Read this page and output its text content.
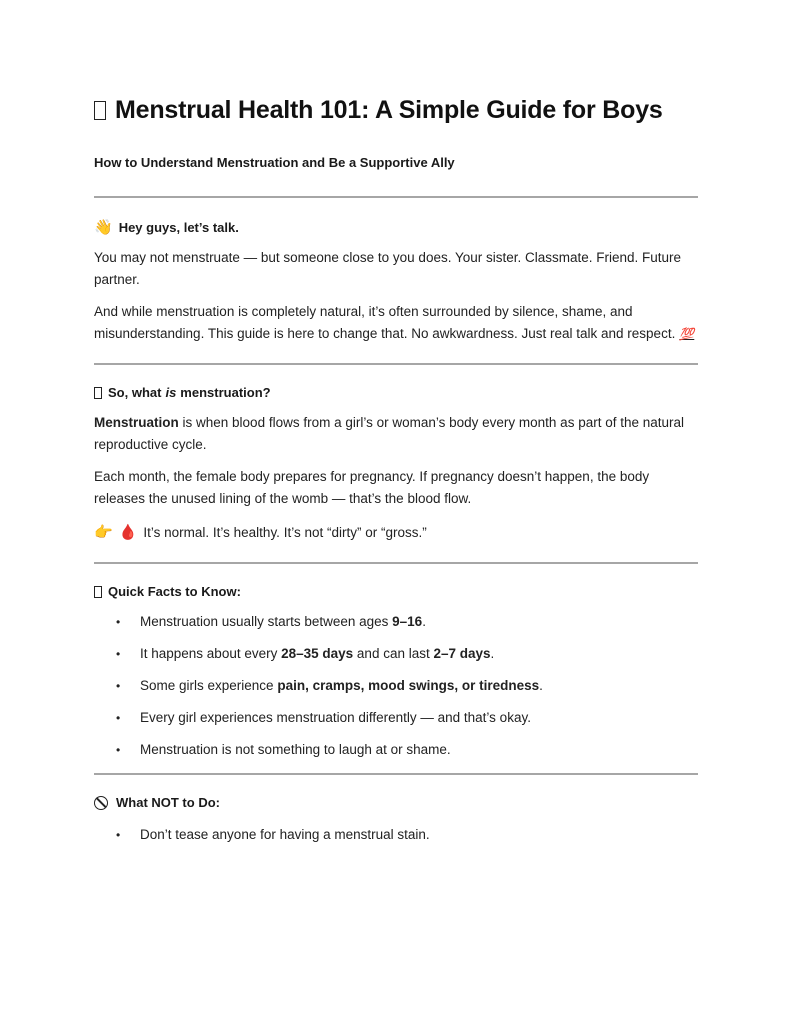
Menstrual Health 101: A Simple Guide for Boys
How to Understand Menstruation and Be a Supportive Ally
👋 Hey guys, let’s talk.

You may not menstruate — but someone close to you does. Your sister. Classmate. Friend. Future partner.

And while menstruation is completely natural, it’s often surrounded by silence, shame, and misunderstanding. This guide is here to change that. No awkwardness. Just real talk and respect. 💯

So, what is menstruation?

Menstruation is when blood flows from a girl’s or woman’s body every month as part of the natural reproductive cycle.

Each month, the female body prepares for pregnancy. If pregnancy doesn’t happen, the body releases the unused lining of the womb — that’s the blood flow.

👉 🩸 It’s normal. It’s healthy. It’s not “dirty” or “gross.”

Quick Facts to Know:
• Menstruation usually starts between ages 9–16.
• It happens about every 28–35 days and can last 2–7 days.
• Some girls experience pain, cramps, mood swings, or tiredness.
• Every girl experiences menstruation differently — and that’s okay.
• Menstruation is not something to laugh at or shame.
What NOT to Do:
• Don’t tease anyone for having a menstrual stain.
